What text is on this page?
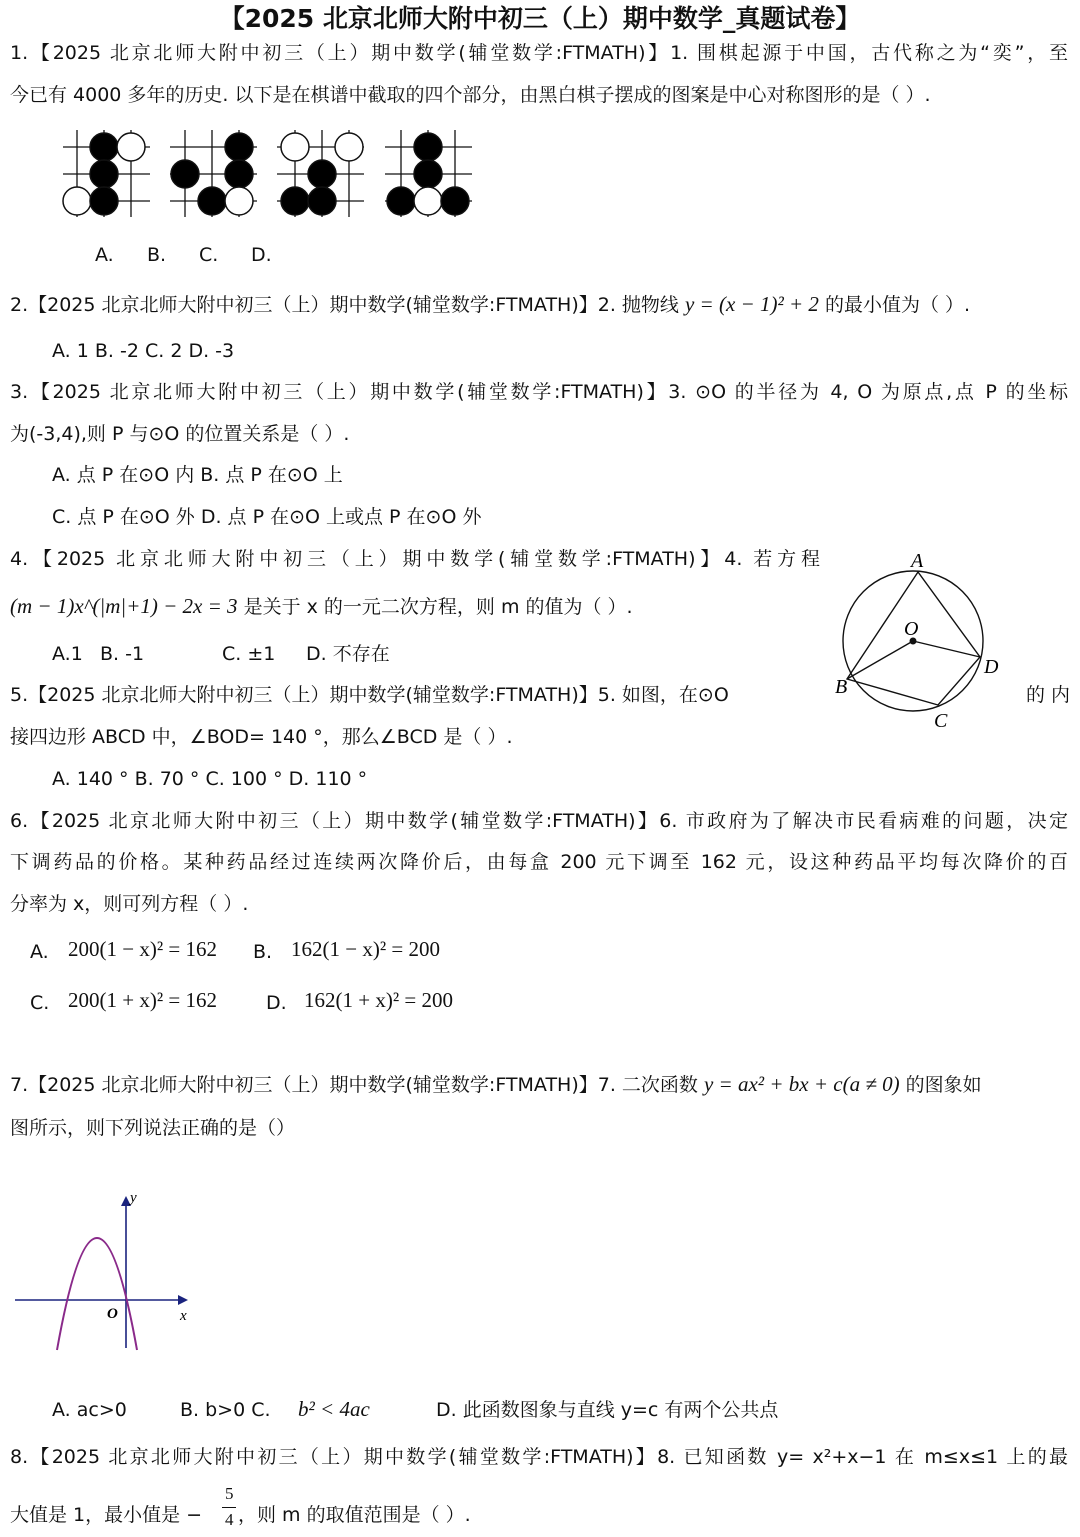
【2025 北京北师大附中初三（上）期中数学_真题试卷】
1.【2025 北京北师大附中初三（上）期中数学(辅堂数学:FTMATH)】1. 围棋起源于中国，古代称之为“奕”，至
今已有 4000 多年的历史. 以下是在棋谱中截取的四个部分，由黑白棋子摆成的图案是中心对称图形的是（ ）.
A. B. C. D.
2.【2025 北京北师大附中初三（上）期中数学(辅堂数学:FTMATH)】2. 抛物线 y = (x − 1)² + 2 的最小值为（ ）.
A. 1 B. -2 C. 2 D. -3
3.【2025 北京北师大附中初三（上）期中数学(辅堂数学:FTMATH)】3. ⊙O 的半径为 4, O 为原点,点 P 的坐标
为(-3,4),则 P 与⊙O 的位置关系是（ ）.
A. 点 P 在⊙O 内 B. 点 P 在⊙O 上
C. 点 P 在⊙O 外 D. 点 P 在⊙O 上或点 P 在⊙O 外
4.【2025 北京北师大附中初三（上）期中数学(辅堂数学:FTMATH)】4. 若方程
(m − 1)x^(|m|+1) − 2x = 3 是关于 x 的一元二次方程，则 m 的值为（ ）.
A.1 B. -1	C. ±1 D. 不存在
A
O
B
D
C
5.【2025 北京北师大附中初三（上）期中数学(辅堂数学:FTMATH)】5. 如图，在⊙O	的 内
接四边形 ABCD 中，∠BOD= 140 °，那么∠BCD 是（ ）.
A. 140 ° B. 70 ° C. 100 ° D. 110 °
6.【2025 北京北师大附中初三（上）期中数学(辅堂数学:FTMATH)】6. 市政府为了解决市民看病难的问题，决定
下调药品的价格。某种药品经过连续两次降价后，由每盒 200 元下调至 162 元，设这种药品平均每次降价的百
分率为 x，则可列方程（ ）.
A. 200(1 − x)² = 162 B. 162(1 − x)² = 200
C. 200(1 + x)² = 162	D. 162(1 + x)² = 200
7.【2025 北京北师大附中初三（上）期中数学(辅堂数学:FTMATH)】7. 二次函数 y = ax² + bx + c(a ≠ 0) 的图象如
图所示，则下列说法正确的是（）
y
x
O
A. ac>0	B. b>0 C. b² < 4ac	D. 此函数图象与直线 y=c 有两个公共点
8.【2025 北京北师大附中初三（上）期中数学(辅堂数学:FTMATH)】8. 已知函数 y= x²+x−1 在 m≤x≤1 上的最
大值是 1，最小值是 −
5
4 ，则 m 的取值范围是（ ）.
